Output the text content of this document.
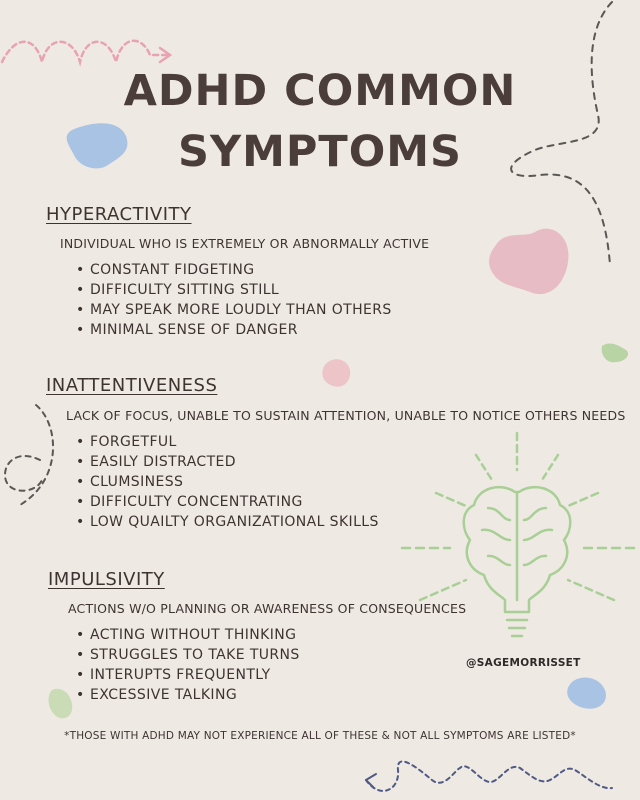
ADHD COMMON
SYMPTOMS
HYPERACTIVITY

INDIVIDUAL WHO IS EXTREMELY OR ABNORMALLY ACTIVE

• CONSTANT FIDGETING
• DIFFICULTY SITTING STILL
• MAY SPEAK MORE LOUDLY THAN OTHERS
• MINIMAL SENSE OF DANGER
INATTENTIVENESS

LACK OF FOCUS, UNABLE TO SUSTAIN ATTENTION, UNABLE TO NOTICE OTHERS NEEDS

• FORGETFUL
• EASILY DISTRACTED
• CLUMSINESS
• DIFFICULTY CONCENTRATING
• LOW QUAILTY ORGANIZATIONAL SKILLS
IMPULSIVITY

ACTIONS W/O PLANNING OR AWARENESS OF CONSEQUENCES

• ACTING WITHOUT THINKING
• STRUGGLES TO TAKE TURNS
• INTERUPTS FREQUENTLY
• EXCESSIVE TALKING
@SAGEMORRISSET
*THOSE WITH ADHD MAY NOT EXPERIENCE ALL OF THESE & NOT ALL SYMPTOMS ARE LISTED*
